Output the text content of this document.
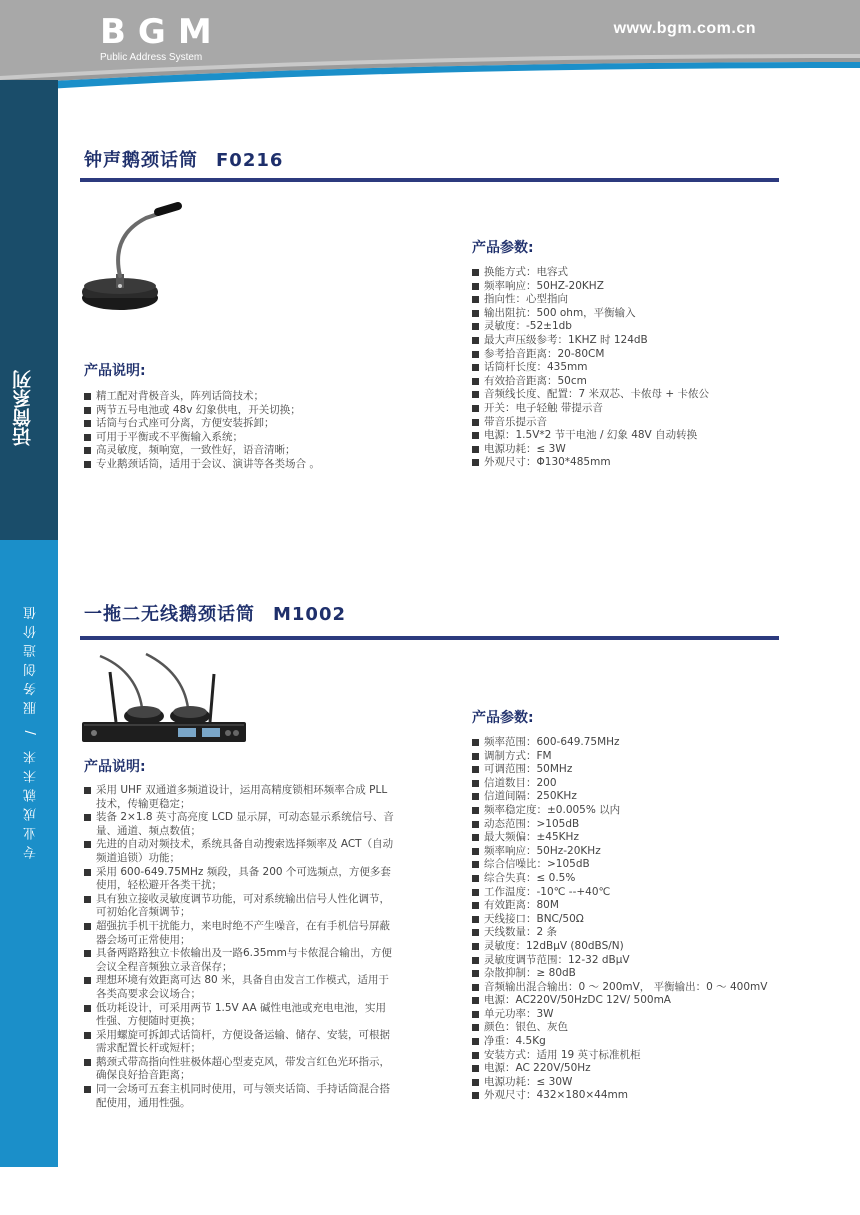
BGM
Public Address System
www.bgm.com.cn
话筒系列
专业成就未来 / 服务创造价值
93
钟声鹅颈话筒 F0216
产品说明:
精工配对背极音头，阵列话筒技术；
两节五号电池或 48v 幻象供电，开关切换；
话筒与台式座可分离，方便安装拆卸；
可用于平衡或不平衡输入系统；
高灵敏度，频响宽，一致性好，语音清晰；
专业鹅颈话筒，适用于会议、演讲等各类场合 。
产品参数:
换能方式：电容式
频率响应：50HZ-20KHZ
指向性：心型指向
输出阻抗：500 ohm，平衡输入
灵敏度：-52±1db
最大声压级参考：1KHZ 时 124dB
参考拾音距离：20-80CM
话筒杆长度：435mm
有效拾音距离：50cm
音频线长度、配置：7 米双芯、卡侬母 + 卡侬公
开关：电子轻触 带提示音
带音乐提示音
电源：1.5V*2 节干电池 / 幻象 48V 自动转换
电源功耗：≤ 3W
外观尺寸：Φ130*485mm
一拖二无线鹅颈话筒 M1002
产品说明:
采用 UHF 双通道多频道设计，运用高精度锁相环频率合成 PLL 技术，传输更稳定；
装备 2×1.8 英寸高亮度 LCD 显示屏，可动态显示系统信号、音量、通道、频点数值；
先进的自动对频技术，系统具备自动搜索选择频率及 ACT（自动频道追锁）功能；
采用 600-649.75MHz 频段，具备 200 个可选频点，方便多套使用，轻松避开各类干扰；
具有独立接收灵敏度调节功能，可对系统输出信号人性化调节，可初始化音频调节；
超强抗手机干扰能力，来电时绝不产生噪音，在有手机信号屏蔽器会场可正常使用；
具备两路路独立卡侬输出及一路6.35mm与卡侬混合输出，方便会议全程音频独立录音保存；
理想环境有效距离可达 80 米，具备自由发言工作模式，适用于各类高要求会议场合；
低功耗设计，可采用两节 1.5V AA 碱性电池或充电电池，实用性强、方便随时更换；
采用螺旋可拆卸式话筒杆，方便设备运输、储存、安装，可根据需求配置长杆或短杆；
鹅颈式带高指向性驻极体超心型麦克风，带发言红色光环指示，确保良好拾音距离；
同一会场可五套主机同时使用，可与领夹话筒、手持话筒混合搭配使用，通用性强。
产品参数:
频率范围：600-649.75MHz
调制方式：FM
可调范围：50MHz
信道数目：200
信道间隔：250KHz
频率稳定度：±0.005% 以内
动态范围：>105dB
最大频偏：±45KHz
频率响应：50Hz-20KHz
综合信噪比：>105dB
综合失真：≤ 0.5%
工作温度：-10℃ --+40℃
有效距离：80M
天线接口：BNC/50Ω
天线数量：2 条
灵敏度：12dBμV (80dBS/N)
灵敏度调节范围：12-32 dBμV
杂散抑制：≥ 80dB
音频输出混合输出：0 ～ 200mV， 平衡输出：0 ～ 400mV
电源：AC220V/50HzDC 12V/ 500mA
单元功率：3W
颜色：银色、灰色
净重：4.5Kg
安装方式：适用 19 英寸标准机柜
电源：AC 220V/50Hz
电源功耗：≤ 30W
外观尺寸：432×180×44mm
